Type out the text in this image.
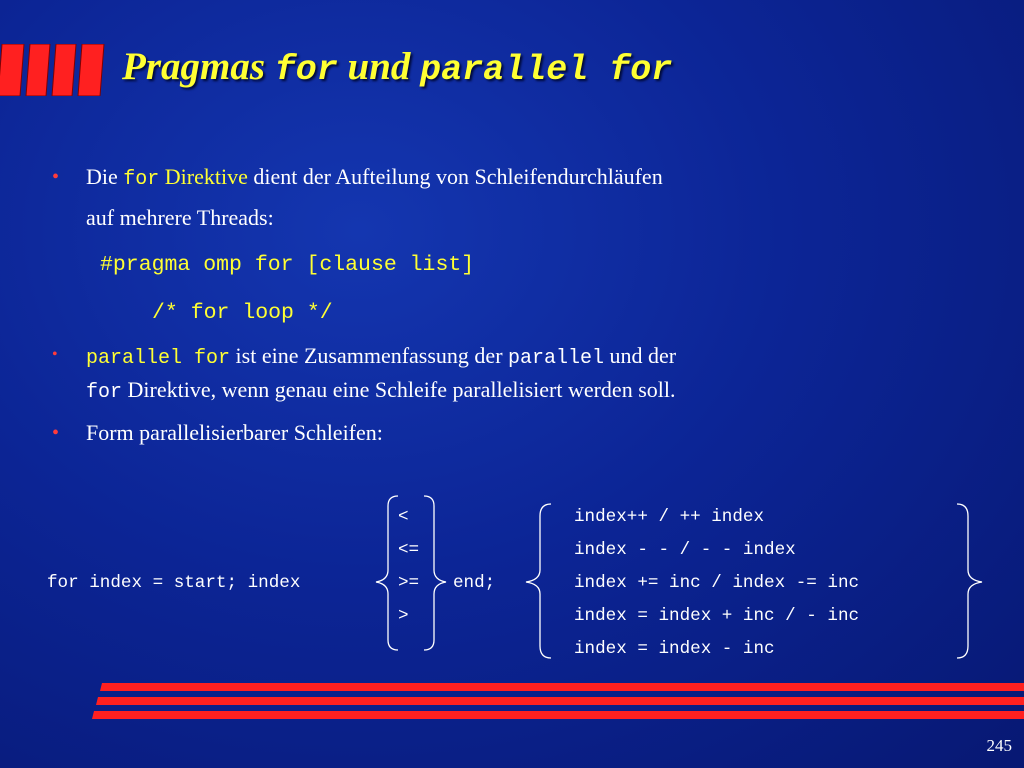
Pragmas for und parallel for
• Die for Direktive dient der Aufteilung von Schleifendurchläufen
auf mehrere Threads:
#pragma omp for [clause list]
/* for loop */
• parallel for ist eine Zusammenfassung der parallel und der
for Direktive, wenn genau eine Schleife parallelisiert werden soll.
• Form parallelisierbarer Schleifen:
for index = start; index
<
<=
>=
>
end;
index++ / ++ index
index - - / - - index
index += inc / index -= inc
index = index + inc / - inc
index = index - inc
245
